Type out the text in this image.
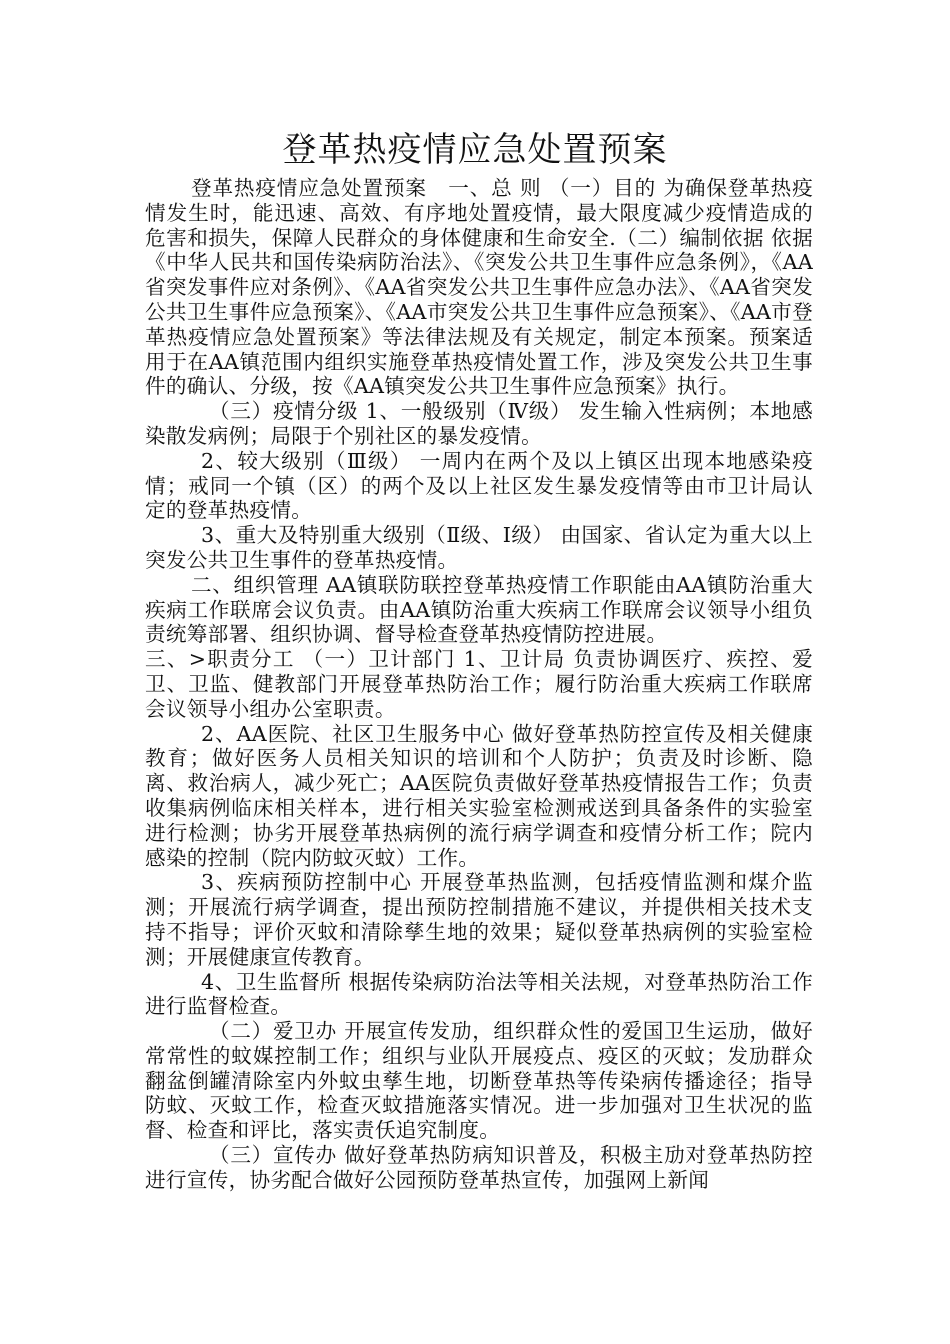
登革热疫情应急处置预案

登革热疫情应急处置预案　一、总 则 （一）目的 为确保登革热疫情发生时，能迅速、高效、有序地处置疫情，最大限度减少疫情造成的危害和损失，保障人民群众的身体健康和生命安全.（二）编制依据 依据《中华人民共和国传染病防治法》、《突发公共卫生事件应急条例》，《AA省突发事件应对条例》、《AA省突发公共卫生事件应急办法》、《AA省突发公共卫生事件应急预案》、《AA市突发公共卫生事件应急预案》、《AA市登革热疫情应急处置预案》等法律法规及有关规定，制定本预案。预案适用于在AA镇范围内组织实施登革热疫情处置工作，涉及突发公共卫生事件的确认、分级，按《AA镇突发公共卫生事件应急预案》执行。

（三）疫情分级 1、一般级别（Ⅳ级） 发生输入性病例；本地感染散发病例；局限于个别社区的暴发疫情。

2、较大级别（Ⅲ级） 一周内在两个及以上镇区出现本地感染疫情；戒同一个镇（区）的两个及以上社区发生暴发疫情等由市卫计局认定的登革热疫情。

3、重大及特别重大级别（Ⅱ级、Ⅰ级） 由国家、省认定为重大以上突发公共卫生事件的登革热疫情。

二、组织管理 AA镇联防联控登革热疫情工作职能由AA镇防治重大疾病工作联席会议负责。由AA镇防治重大疾病工作联席会议领导小组负责统筹部署、组织协调、督导检查登革热疫情防控进展。

三、>职责分工 （一）卫计部门 1、卫计局 负责协调医疗、疾控、爱卫、卫监、健教部门开展登革热防治工作；履行防治重大疾病工作联席会议领导小组办公室职责。

2、AA医院、社区卫生服务中心 做好登革热防控宣传及相关健康教育；做好医务人员相关知识的培训和个人防护；负责及时诊断、隐离、救治病人，减少死亡；AA医院负责做好登革热疫情报告工作；负责收集病例临床相关样本，进行相关实验室检测戒送到具备条件的实验室进行检测；协劣开展登革热病例的流行病学调查和疫情分析工作；院内感染的控制（院内防蚊灭蚊）工作。

3、疾病预防控制中心 开展登革热监测，包括疫情监测和煤介监测；开展流行病学调查，提出预防控制措施不建议，并提供相关技术支持不指导；评价灭蚊和清除孳生地的效果；疑似登革热病例的实验室检测；开展健康宣传教育。

4、卫生监督所 根据传染病防治法等相关法规，对登革热防治工作进行监督检查。

（二）爱卫办 开展宣传发劢，组织群众性的爱国卫生运劢，做好常常性的蚊媒控制工作；组织与业队开展疫点、疫区的灭蚊；发劢群众翻盆倒罐清除室内外蚊虫孳生地，切断登革热等传染病传播途径；指导防蚊、灭蚊工作，检查灭蚊措施落实情况。进一步加强对卫生状况的监督、检查和评比，落实责仸追究制度。

（三）宣传办 做好登革热防病知识普及，积极主劢对登革热防控进行宣传，协劣配合做好公园预防登革热宣传，加强网上新闻
